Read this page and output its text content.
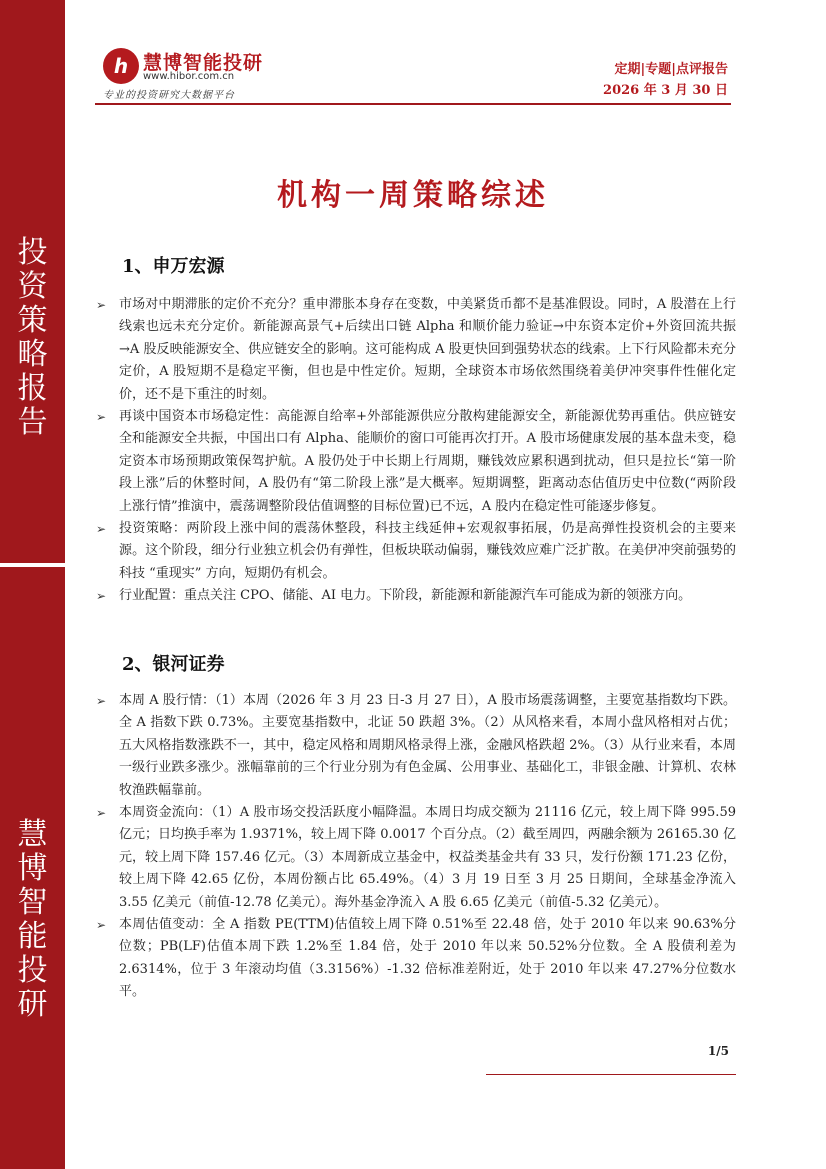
投
资
策
略
报
告
慧
博
智
能
投
研
h 慧博智能投研
www.hibor.com.cn
专业的投资研究大数据平台
定期|专题|点评报告
2026 年 3 月 30 日
机构一周策略综述
1、申万宏源
➢ 市场对中期滞胀的定价不充分？重申滞胀本身存在变数，中美紧货币都不是基准假设。同时，A 股潜在上行线索也远未充分定价。新能源高景气+后续出口链 Alpha 和顺价能力验证→中东资本定价+外资回流共振→A 股反映能源安全、供应链安全的影响。这可能构成 A 股更快回到强势状态的线索。上下行风险都未充分定价，A 股短期不是稳定平衡，但也是中性定价。短期，全球资本市场依然围绕着美伊冲突事件性催化定价，还不是下重注的时刻。
➢ 再谈中国资本市场稳定性：高能源自给率+外部能源供应分散构建能源安全，新能源优势再重估。供应链安全和能源安全共振，中国出口有 Alpha、能顺价的窗口可能再次打开。A 股市场健康发展的基本盘未变，稳定资本市场预期政策保驾护航。A 股仍处于中长期上行周期，赚钱效应累积遇到扰动，但只是拉长“第一阶段上涨”后的休整时间，A 股仍有“第二阶段上涨”是大概率。短期调整，距离动态估值历史中位数(“两阶段上涨行情”推演中，震荡调整阶段估值调整的目标位置)已不远，A 股内在稳定性可能逐步修复。
➢ 投资策略：两阶段上涨中间的震荡休整段，科技主线延伸+宏观叙事拓展，仍是高弹性投资机会的主要来源。这个阶段，细分行业独立机会仍有弹性，但板块联动偏弱，赚钱效应难广泛扩散。在美伊冲突前强势的科技 “重现实” 方向，短期仍有机会。
➢ 行业配置：重点关注 CPO、储能、AI 电力。下阶段，新能源和新能源汽车可能成为新的领涨方向。
2、银河证券
➢ 本周 A 股行情：（1）本周（2026 年 3 月 23 日-3 月 27 日），A 股市场震荡调整，主要宽基指数均下跌。全 A 指数下跌 0.73%。主要宽基指数中，北证 50 跌超 3%。（2）从风格来看，本周小盘风格相对占优；五大风格指数涨跌不一，其中，稳定风格和周期风格录得上涨，金融风格跌超 2%。（3）从行业来看，本周一级行业跌多涨少。涨幅靠前的三个行业分别为有色金属、公用事业、基础化工，非银金融、计算机、农林牧渔跌幅靠前。
➢ 本周资金流向：（1）A 股市场交投活跃度小幅降温。本周日均成交额为 21116 亿元，较上周下降 995.59 亿元；日均换手率为 1.9371%，较上周下降 0.0017 个百分点。（2）截至周四，两融余额为 26165.30 亿元，较上周下降 157.46 亿元。（3）本周新成立基金中，权益类基金共有 33 只，发行份额 171.23 亿份，较上周下降 42.65 亿份，本周份额占比 65.49%。（4）3 月 19 日至 3 月 25 日期间，全球基金净流入 3.55 亿美元（前值-12.78 亿美元）。海外基金净流入 A 股 6.65 亿美元（前值-5.32 亿美元）。
➢ 本周估值变动：全 A 指数 PE(TTM)估值较上周下降 0.51%至 22.48 倍，处于 2010 年以来 90.63%分位数；PB(LF)估值本周下跌 1.2%至 1.84 倍，处于 2010 年以来 50.52%分位数。全 A 股债利差为 2.6314%，位于 3 年滚动均值（3.3156%）-1.32 倍标准差附近，处于 2010 年以来 47.27%分位数水平。
1/5
